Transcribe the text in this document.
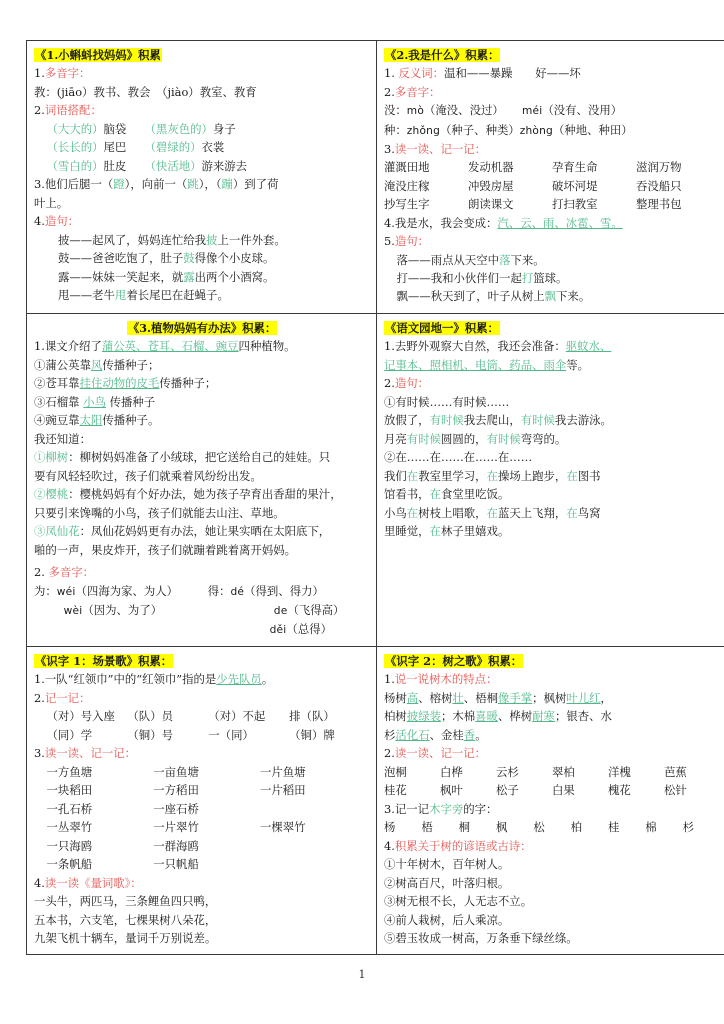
《1.小蝌蚪找妈妈》积累
1.多音字：
教：(jiāo）教书、教会　（jiào）教室、教育
2.词语搭配：
（大大的）脑袋 （黑灰色的）身子
（长长的）尾巴 （碧绿的）衣裳
（雪白的）肚皮 （快活地）游来游去
3.他们后腿一（蹬），向前一（跳），（蹦）到了荷
叶上。
4.造句：
披——起风了，妈妈连忙给我披上一件外套。
鼓——爸爸吃饱了，肚子鼓得像个小皮球。
露——妹妹一笑起来，就露出两个小酒窝。
甩——老牛甩着长尾巴在赶蝇子。

《2.我是什么》积累：
1. 反义词：温和——暴躁　　好——坏
2.多音字：
没：mò（淹没、没过） méi（没有、没用）
种：zhǒng（种子、种类）zhòng（种地、种田）
3.读一读、记一记：
灌溉田地	发动机器	孕育生命	滋润万物
淹没庄稼	冲毁房屋	破坏河堤	吞没船只
抄写生字	朗读课文	打扫教室	整理书包
4.我是水，我会变成：汽、云、雨、冰雹、雪。
5.造句：
落——雨点从天空中落下来。
打——我和小伙伴们一起打篮球。
飘——秋天到了，叶子从树上飘下来。

《3.植物妈妈有办法》积累：
1.课文介绍了蒲公英、苍耳、石榴、豌豆四种植物。
①蒲公英靠风传播种子；
②苍耳靠挂住动物的皮毛传播种子；
③石榴靠 小鸟 传播种子
④豌豆靠太阳传播种子。
我还知道：
①柳树：柳树妈妈准备了小绒球，把它送给自己的娃娃。只
要有风轻轻吹过，孩子们就乘着风纷纷出发。
②樱桃：樱桃妈妈有个好办法，她为孩子孕育出香甜的果汁，
只要引来馋嘴的小鸟，孩子们就能去山注、草地。
③凤仙花：凤仙花妈妈更有办法，她让果实晒在太阳底下，
啪的一声，果皮炸开，孩子们就蹦着跳着离开妈妈。
2. 多音字：
为：wéi（四海为家、为人）	得：dé（得到、得力）
wèi（因为、为了）	de（飞得高）
děi（总得）

《语文园地一》积累：
1.去野外观察大自然，我还会准备：驱蚊水、
记事本、照相机、电筒、药品、雨伞等。
2.造句：
①有时候……有时候……
放假了，有时候我去爬山，有时候我去游泳。
月亮有时候圆圆的，有时候弯弯的。
②在……在……在……在……
我们在教室里学习，在操场上跑步，在图书
馆看书，在食堂里吃饭。
小鸟在树枝上唱歌，在蓝天上飞翔，在鸟窝
里睡觉，在林子里嬉戏。

《识字 1：场景歌》积累：
1.一队“红领巾”中的“红领巾”指的是少先队员。
2.记一记：
（对）号入座	（队）员	（对）不起	排（队）
（同）学	（铜）号	一（同）	（铜）牌
3.读一读、记一记：
一方鱼塘	一亩鱼塘	一片鱼塘
一块稻田	一方稻田	一片稻田
一孔石桥	一座石桥
一丛翠竹	一片翠竹	一棵翠竹
一只海鸥	一群海鸥
一条帆船	一只帆船
4.读一读《量词歌》：
一头牛，两匹马，三条鲤鱼四只鸭，
五本书，六支笔，七棵果树八朵花，
九架飞机十辆车，量词千万别说差。

《识字 2：树之歌》积累：
1.说一说树木的特点：
杨树高、榕树壮、梧桐像手掌；枫树叶儿红，
柏树披绿装；木棉喜暖、桦树耐寒；银杏、水
杉活化石、金桂香。
2.读一读、记一记：
泡桐	白桦	云杉	翠柏	洋槐	芭蕉
桂花	枫叶	松子	白果	槐花	松针
3.记一记木字旁的字：
杨	梧	桐	枫	松	柏	桂	棉	杉
4.积累关于树的谚语或古诗：
①十年树木，百年树人。
②树高百尺，叶落归根。
③树无根不长，人无志不立。
④前人栽树，后人乘凉。
⑤碧玉妆成一树高，万条垂下绿丝绦。
1
